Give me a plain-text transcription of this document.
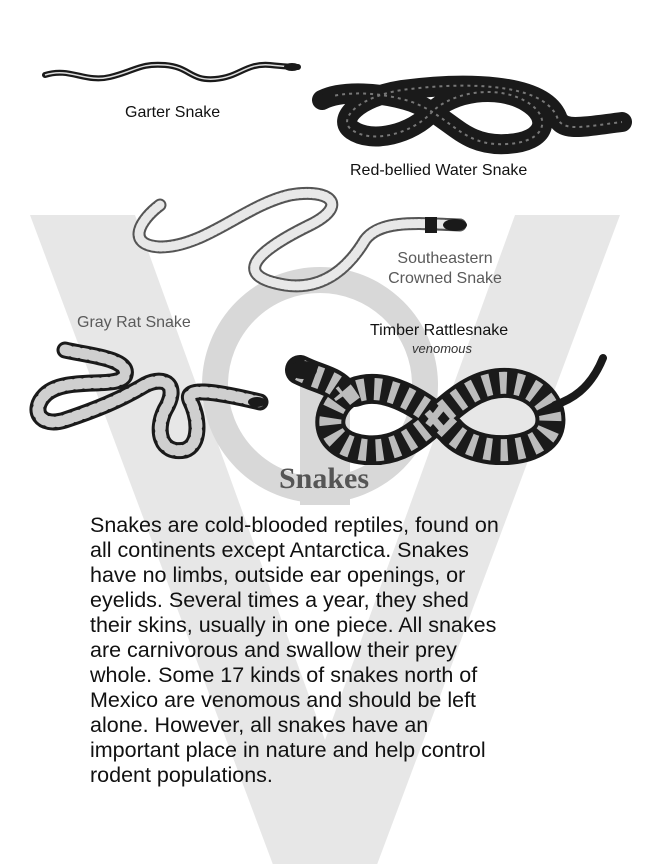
Garter Snake
Red-bellied Water Snake
Southeastern
Crowned Snake
Gray Rat Snake	Timber Rattlesnake
venomous
Snakes
Snakes are cold-blooded reptiles, found on
all continents except Antarctica. Snakes
have no limbs, outside ear openings, or
eyelids. Several times a year, they shed
their skins, usually in one piece. All snakes
are carnivorous and swallow their prey
whole. Some 17 kinds of snakes north of
Mexico are venomous and should be left
alone. However, all snakes have an
important place in nature and help control
rodent populations.
